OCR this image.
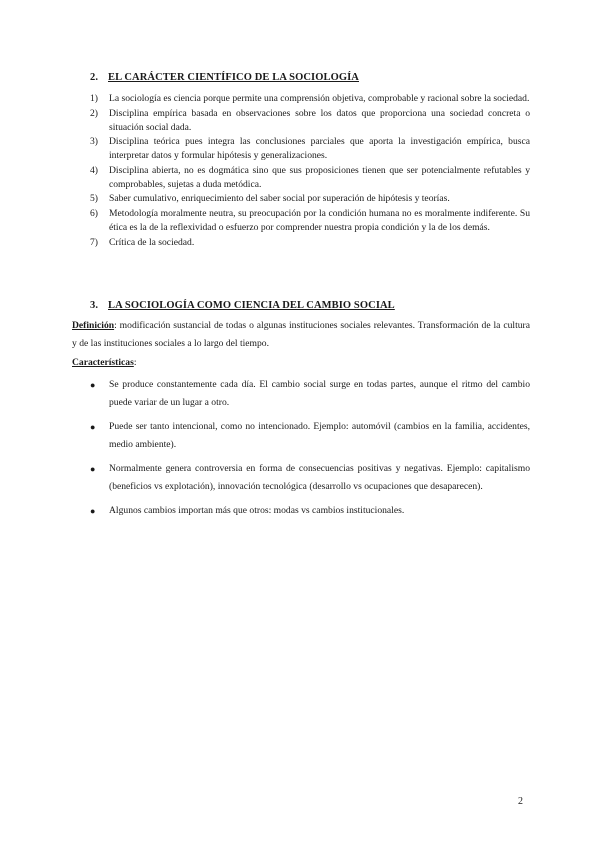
2. EL CARÁCTER CIENTÍFICO DE LA SOCIOLOGÍA
1)	La sociología es ciencia porque permite una comprensión objetiva, comprobable y racional sobre la sociedad.
2)	Disciplina empírica basada en observaciones sobre los datos que proporciona una sociedad concreta o situación social dada.
3)	Disciplina teórica pues integra las conclusiones parciales que aporta la investigación empírica, busca interpretar datos y formular hipótesis y generalizaciones.
4)	Disciplina abierta, no es dogmática sino que sus proposiciones tienen que ser potencialmente refutables y comprobables, sujetas a duda metódica.
5)	Saber cumulativo, enriquecimiento del saber social por superación de hipótesis y teorías.
6)	Metodología moralmente neutra, su preocupación por la condición humana no es moralmente indiferente. Su ética es la de la reflexividad o esfuerzo por comprender nuestra propia condición y la de los demás.
7)	Crítica de la sociedad.
3. LA SOCIOLOGÍA COMO CIENCIA DEL CAMBIO SOCIAL
Definición: modificación sustancial de todas o algunas instituciones sociales relevantes. Transformación de la cultura y de las instituciones sociales a lo largo del tiempo.
Características:
●	Se produce constantemente cada día. El cambio social surge en todas partes, aunque el ritmo del cambio puede variar de un lugar a otro.
●	Puede ser tanto intencional, como no intencionado. Ejemplo: automóvil (cambios en la familia, accidentes, medio ambiente).
●	Normalmente genera controversia en forma de consecuencias positivas y negativas. Ejemplo: capitalismo (beneficios vs explotación), innovación tecnológica (desarrollo vs ocupaciones que desaparecen).
●	Algunos cambios importan más que otros: modas vs cambios institucionales.
2
